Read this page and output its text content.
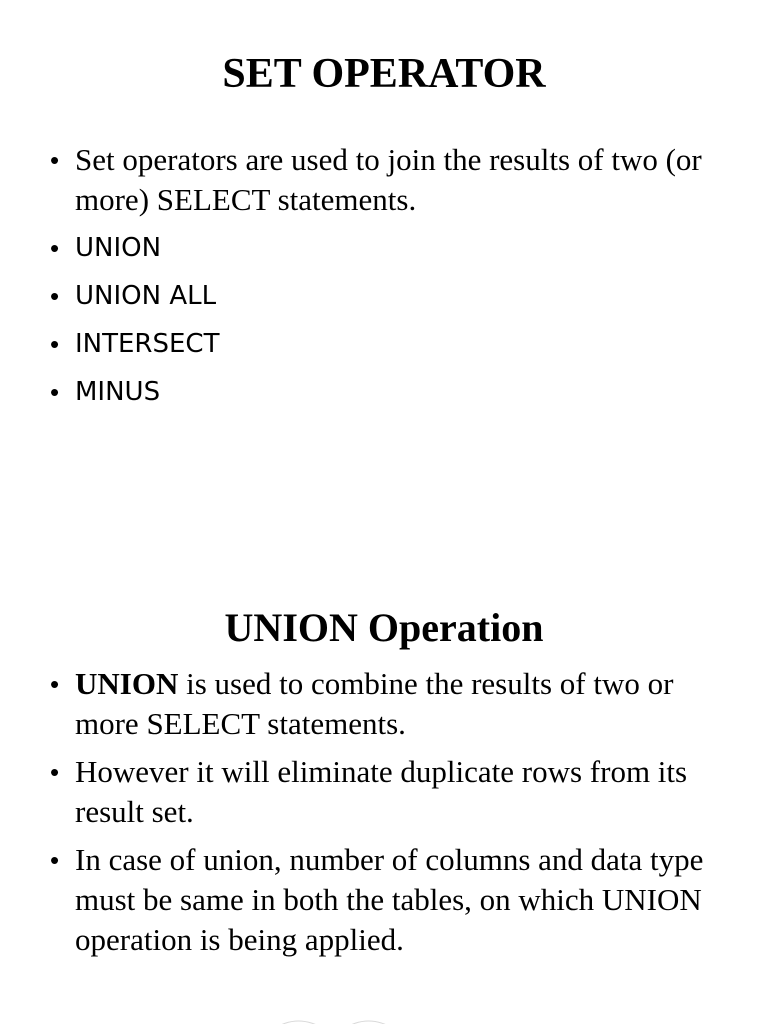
SET OPERATOR
• Set operators are used to join the results of two (or more) SELECT statements.
• UNION
• UNION ALL
• INTERSECT
• MINUS
UNION Operation
• UNION is used to combine the results of two or more SELECT statements.
• However it will eliminate duplicate rows from its result set.
• In case of union, number of columns and data type must be same in both the tables, on which UNION operation is being applied.
